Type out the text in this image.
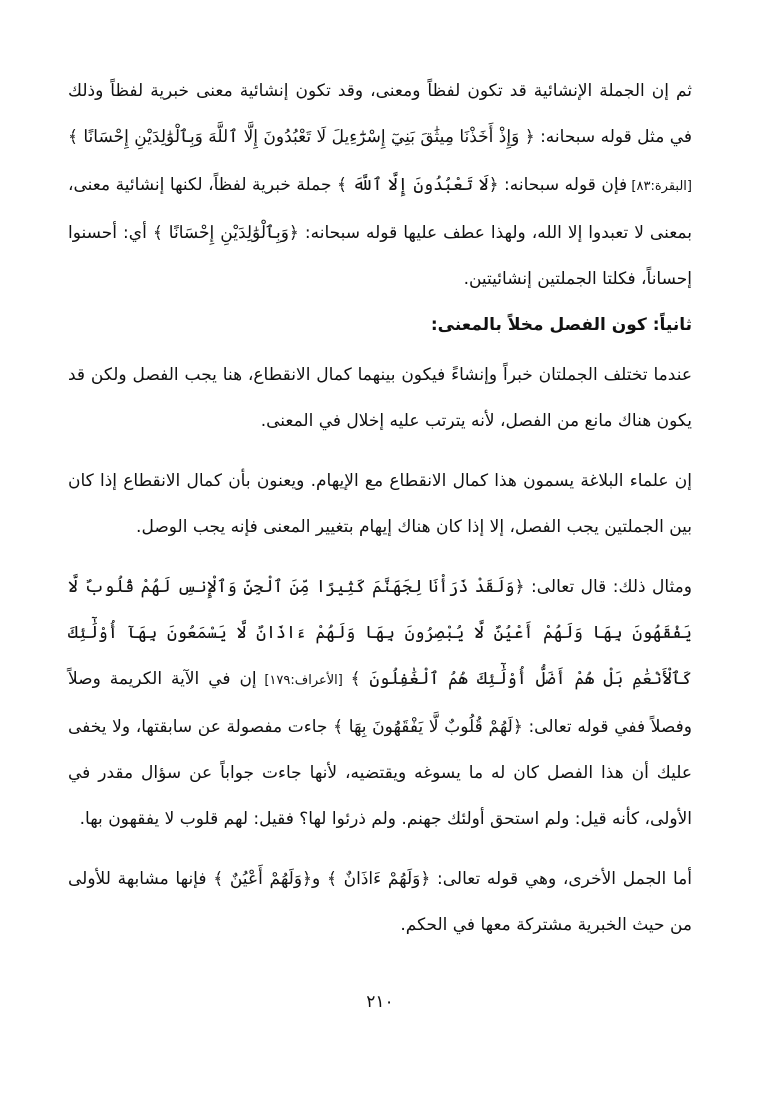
ثم إن الجملة الإنشائية قد تكون لفظاً ومعنى، وقد تكون إنشائية معنى خبرية لفظاً وذلك في مثل قوله سبحانه: ﴿ وَإِذْ أَخَذْنَا مِيثَٰقَ بَنِيٓ إِسْرَٰٓءِيلَ لَا تَعْبُدُونَ إِلَّا ٱللَّهَ وَبِٱلْوَٰلِدَيْنِ إِحْسَانًا ﴾ [البقرة:٨٣] فإن قوله سبحانه: ﴿لَا تَعْبُدُونَ إِلَّا ٱللَّهَ ﴾ جملة خبرية لفظاً، لكنها إنشائية معنى، بمعنى لا تعبدوا إلا الله، ولهذا عطف عليها قوله سبحانه: ﴿وَبِٱلْوَٰلِدَيْنِ إِحْسَانًا ﴾ أي: أحسنوا إحساناً، فكلتا الجملتين إنشائيتين.

ثانياً: كون الفصل مخلاً بالمعنى:

عندما تختلف الجملتان خبراً وإنشاءً فيكون بينهما كمال الانقطاع، هنا يجب الفصل ولكن قد يكون هناك مانع من الفصل، لأنه يترتب عليه إخلال في المعنى.

إن علماء البلاغة يسمون هذا كمال الانقطاع مع الإيهام. ويعنون بأن كمال الانقطاع إذا كان بين الجملتين يجب الفصل، إلا إذا كان هناك إيهام بتغيير المعنى فإنه يجب الوصل.

ومثال ذلك: قال تعالى: ﴿وَلَقَدْ ذَرَأْنَا لِجَهَنَّمَ كَثِيرًا مِّنَ ٱلْجِنِّ وَٱلْإِنسِ لَهُمْ قُلُوبٌ لَّا يَفْقَهُونَ بِهَا وَلَهُمْ أَعْيُنٌ لَّا يُبْصِرُونَ بِهَا وَلَهُمْ ءَاذَانٌ لَّا يَسْمَعُونَ بِهَآ أُوْلَٰٓئِكَ كَٱلْأَنْعَٰمِ بَلْ هُمْ أَضَلُّ أُوْلَٰٓئِكَ هُمُ ٱلْغَٰفِلُونَ ﴾ [الأعراف:١٧٩] إن في الآية الكريمة وصلاً وفصلاً ففي قوله تعالى: ﴿لَهُمْ قُلُوبٌ لَّا يَفْقَهُونَ بِهَا ﴾ جاءت مفصولة عن سابقتها، ولا يخفى عليك أن هذا الفصل كان له ما يسوغه ويقتضيه، لأنها جاءت جواباً عن سؤال مقدر في الأولى، كأنه قيل: ولم استحق أولئك جهنم. ولم ذرئوا لها؟ فقيل: لهم قلوب لا يفقهون بها.

أما الجمل الأخرى، وهي قوله تعالى: ﴿وَلَهُمْ ءَاذَانٌ ﴾ و﴿وَلَهُمْ أَعْيُنٌ ﴾ فإنها مشابهة للأولى من حيث الخبرية مشتركة معها في الحكم.

٢١٠
